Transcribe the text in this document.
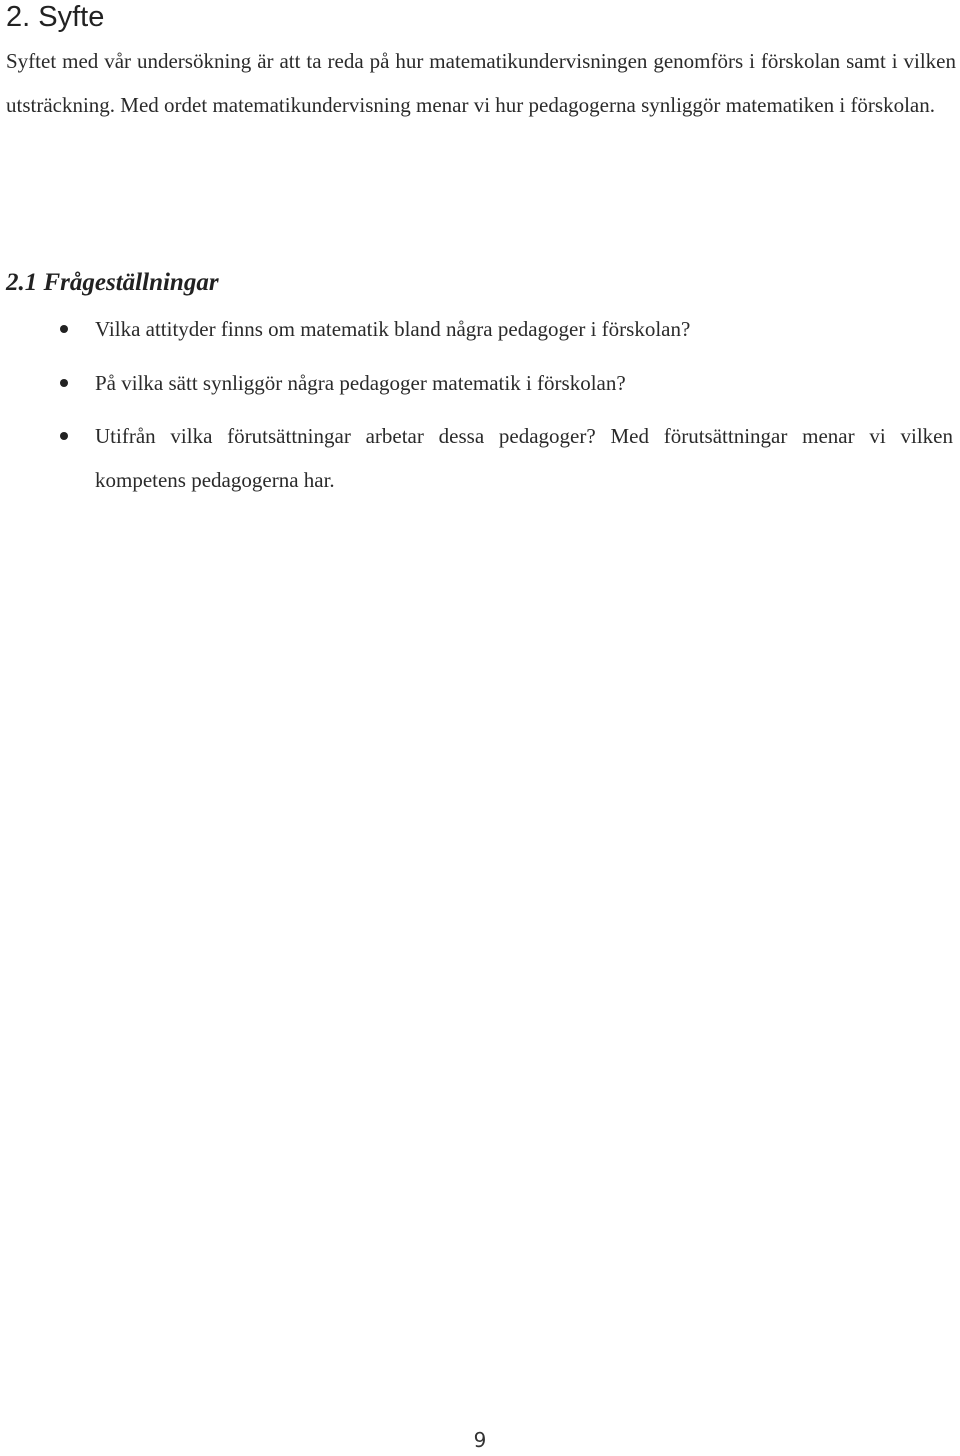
2. Syfte

Syftet med vår undersökning är att ta reda på hur matematikundervisningen genomförs i förskolan samt i vilken utsträckning. Med ordet matematikundervisning menar vi hur pedagogerna synliggör matematiken i förskolan.

2.1 Frågeställningar
Vilka attityder finns om matematik bland några pedagoger i förskolan?
På vilka sätt synliggör några pedagoger matematik i förskolan?
Utifrån vilka förutsättningar arbetar dessa pedagoger? Med förutsättningar menar vi vilken kompetens pedagogerna har.
9
